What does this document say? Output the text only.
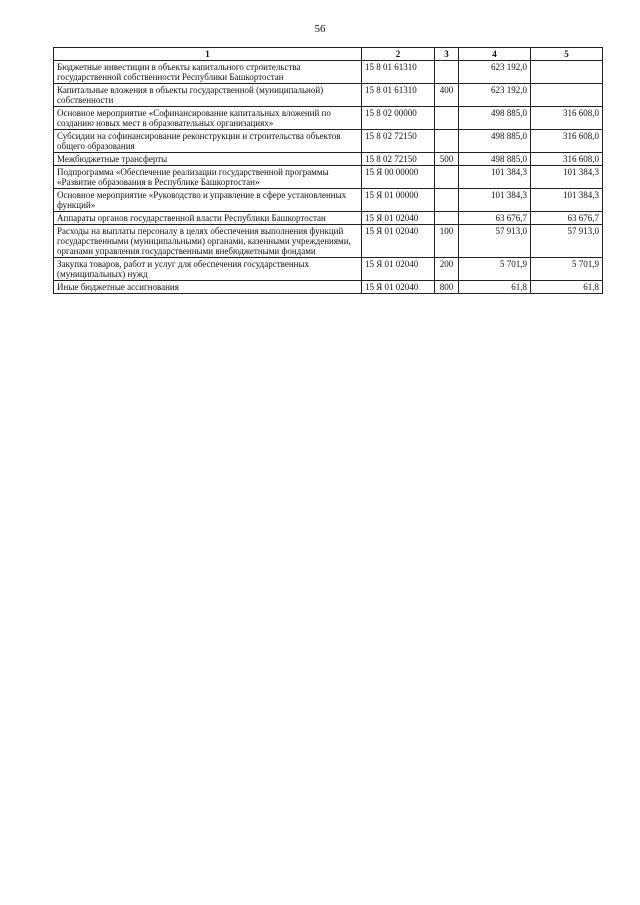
56
1	2	3	4	5
Бюджетные инвестиции в объекты капитального строительства государственной собственности Республики Башкортостан	15 8 01 61310		623 192,0	
Капитальные вложения в объекты государственной (муниципальной) собственности	15 8 01 61310	400	623 192,0	
Основное мероприятие «Софинансирование капитальных вложений по созданию новых мест в образовательных организациях»	15 8 02 00000		498 885,0	316 608,0
Субсидии на софинансирование реконструкции и строительства объектов общего образования	15 8 02 72150		498 885,0	316 608,0
Межбюджетные трансферты	15 8 02 72150	500	498 885,0	316 608,0
Подпрограмма «Обеспечение реализации государственной программы «Развитие образования в Республике Башкортостан»	15 Я 00 00000		101 384,3	101 384,3
Основное мероприятие «Руководство и управление в сфере установленных функций»	15 Я 01 00000		101 384,3	101 384,3
Аппараты органов государственной власти Республики Башкортостан	15 Я 01 02040		63 676,7	63 676,7
Расходы на выплаты персоналу в целях обеспечения выполнения функций государственными (муниципальными) органами, казенными учреждениями, органами управления государственными внебюджетными фондами	15 Я 01 02040	100	57 913,0	57 913,0
Закупка товаров, работ и услуг для обеспечения государственных (муниципальных) нужд	15 Я 01 02040	200	5 701,9	5 701,9
Иные бюджетные ассигнования	15 Я 01 02040	800	61,8	61,8
